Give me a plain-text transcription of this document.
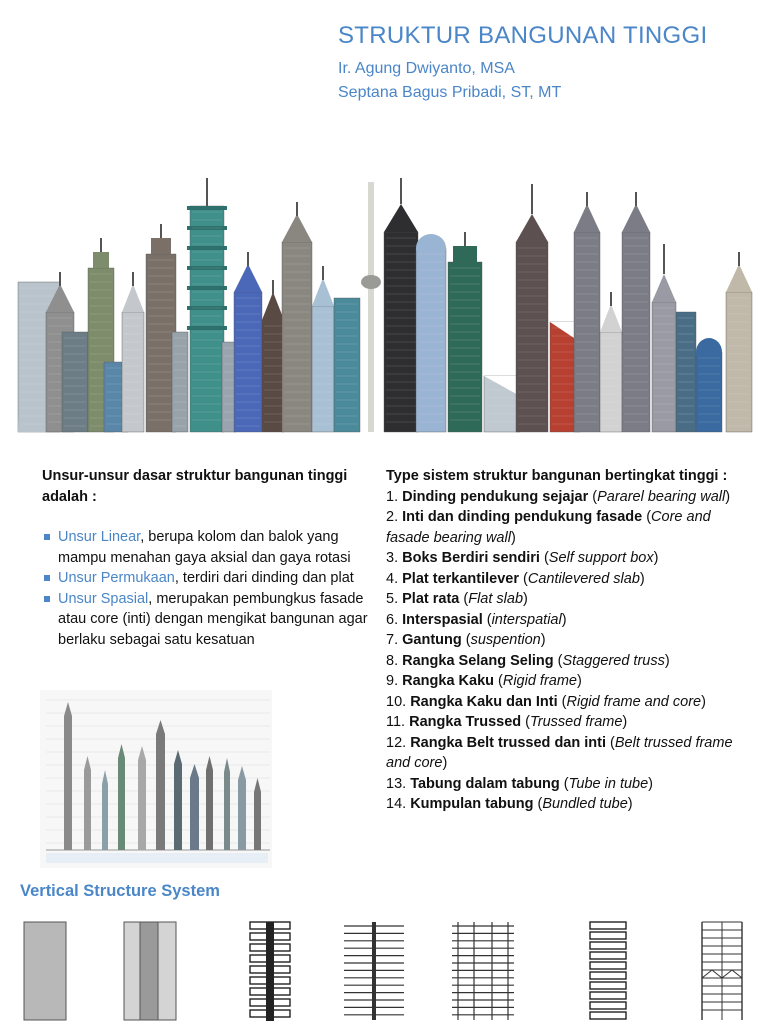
STRUKTUR BANGUNAN TINGGI
Ir. Agung Dwiyanto, MSA
Septana Bagus Pribadi, ST, MT

Unsur-unsur dasar struktur bangunan tinggi adalah :

Unsur Linear, berupa kolom dan balok yang mampu menahan gaya aksial dan gaya rotasi
Unsur Permukaan, terdiri dari dinding dan plat
Unsur Spasial, merupakan pembungkus fasade atau core (inti) dengan mengikat bangunan agar berlaku sebagai satu kesatuan
Type sistem struktur bangunan bertingkat tinggi :
1. Dinding pendukung sejajar (Pararel bearing wall)
2. Inti dan dinding pendukung fasade (Core and fasade bearing wall)
3. Boks Berdiri sendiri (Self support box)
4. Plat terkantilever (Cantilevered slab)
5. Plat rata (Flat slab)
6. Interspasial (interspatial)
7. Gantung (suspention)
8. Rangka Selang Seling (Staggered truss)
9. Rangka Kaku (Rigid frame)
10. Rangka Kaku dan Inti (Rigid frame and core)
11. Rangka Trussed (Trussed frame)
12. Rangka Belt trussed dan inti (Belt trussed frame and core)
13. Tabung dalam tabung (Tube in tube)
14. Kumpulan tabung (Bundled tube)
Vertical Structure System
